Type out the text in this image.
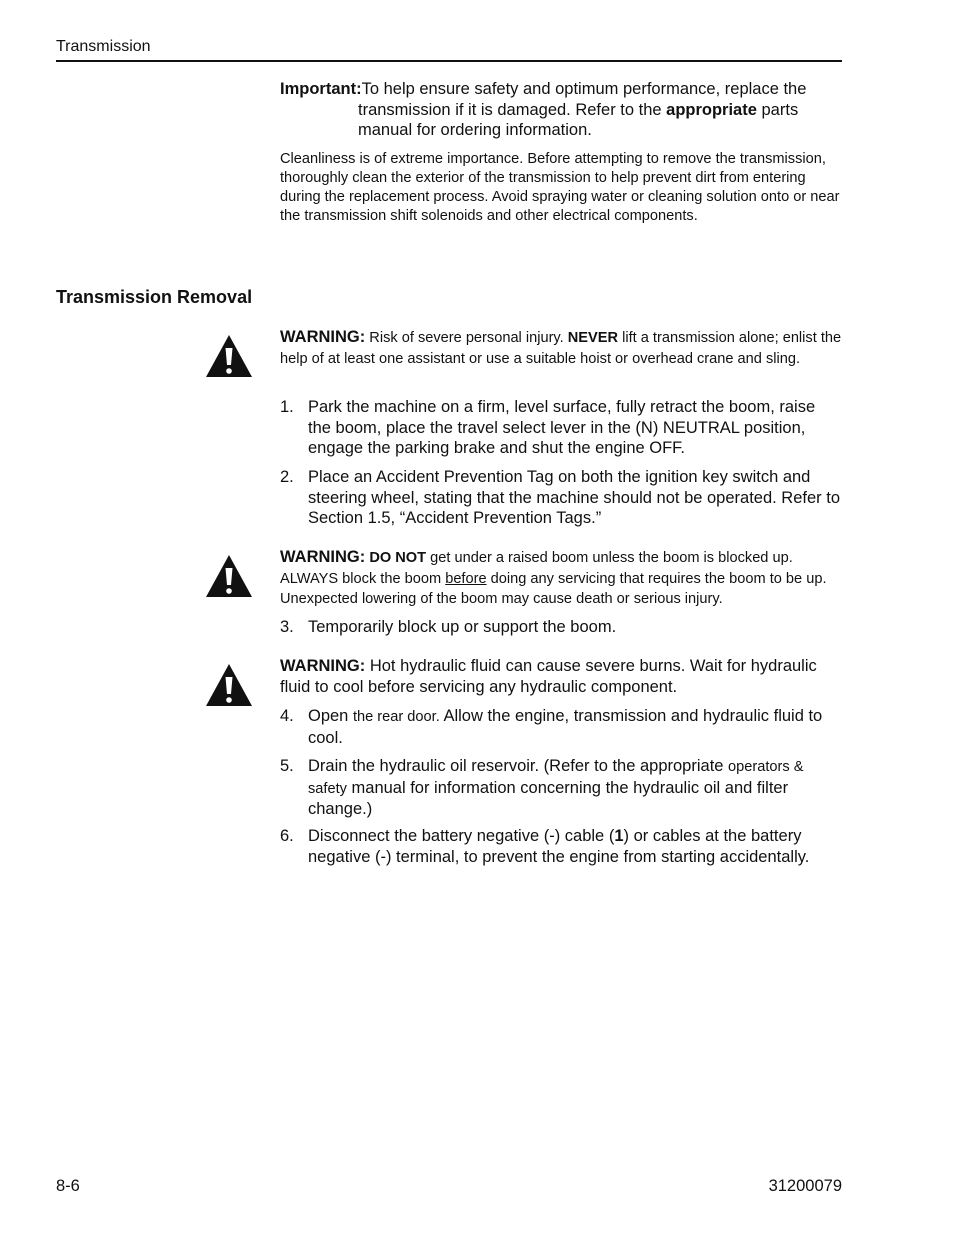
Transmission
Important:To help ensure safety and optimum performance, replace the
transmission if it is damaged. Refer to the appropriate parts
manual for ordering information.
Cleanliness is of extreme importance. Before attempting to remove the transmission, thoroughly clean the exterior of the transmission to help prevent dirt from entering during the replacement process. Avoid spraying water or cleaning solution onto or near the transmission shift solenoids and other electrical components.
Transmission Removal
WARNING: Risk of severe personal injury. NEVER lift a transmission alone; enlist the help of at least one assistant or use a suitable hoist or overhead crane and sling.
1. Park the machine on a firm, level surface, fully retract the boom, raise the boom, place the travel select lever in the (N) NEUTRAL position, engage the parking brake and shut the engine OFF.
2. Place an Accident Prevention Tag on both the ignition key switch and steering wheel, stating that the machine should not be operated. Refer to Section 1.5, “Accident Prevention Tags.”
WARNING: DO NOT get under a raised boom unless the boom is blocked up. ALWAYS block the boom before doing any servicing that requires the boom to be up. Unexpected lowering of the boom may cause death or serious injury.
3. Temporarily block up or support the boom.
WARNING: Hot hydraulic fluid can cause severe burns. Wait for hydraulic fluid to cool before servicing any hydraulic component.
4. Open the rear door. Allow the engine, transmission and hydraulic fluid to cool.
5. Drain the hydraulic oil reservoir. (Refer to the appropriate operators & safety manual for information concerning the hydraulic oil and filter change.)
6. Disconnect the battery negative (-) cable (1) or cables at the battery negative (-) terminal, to prevent the engine from starting accidentally.
8-6	31200079
